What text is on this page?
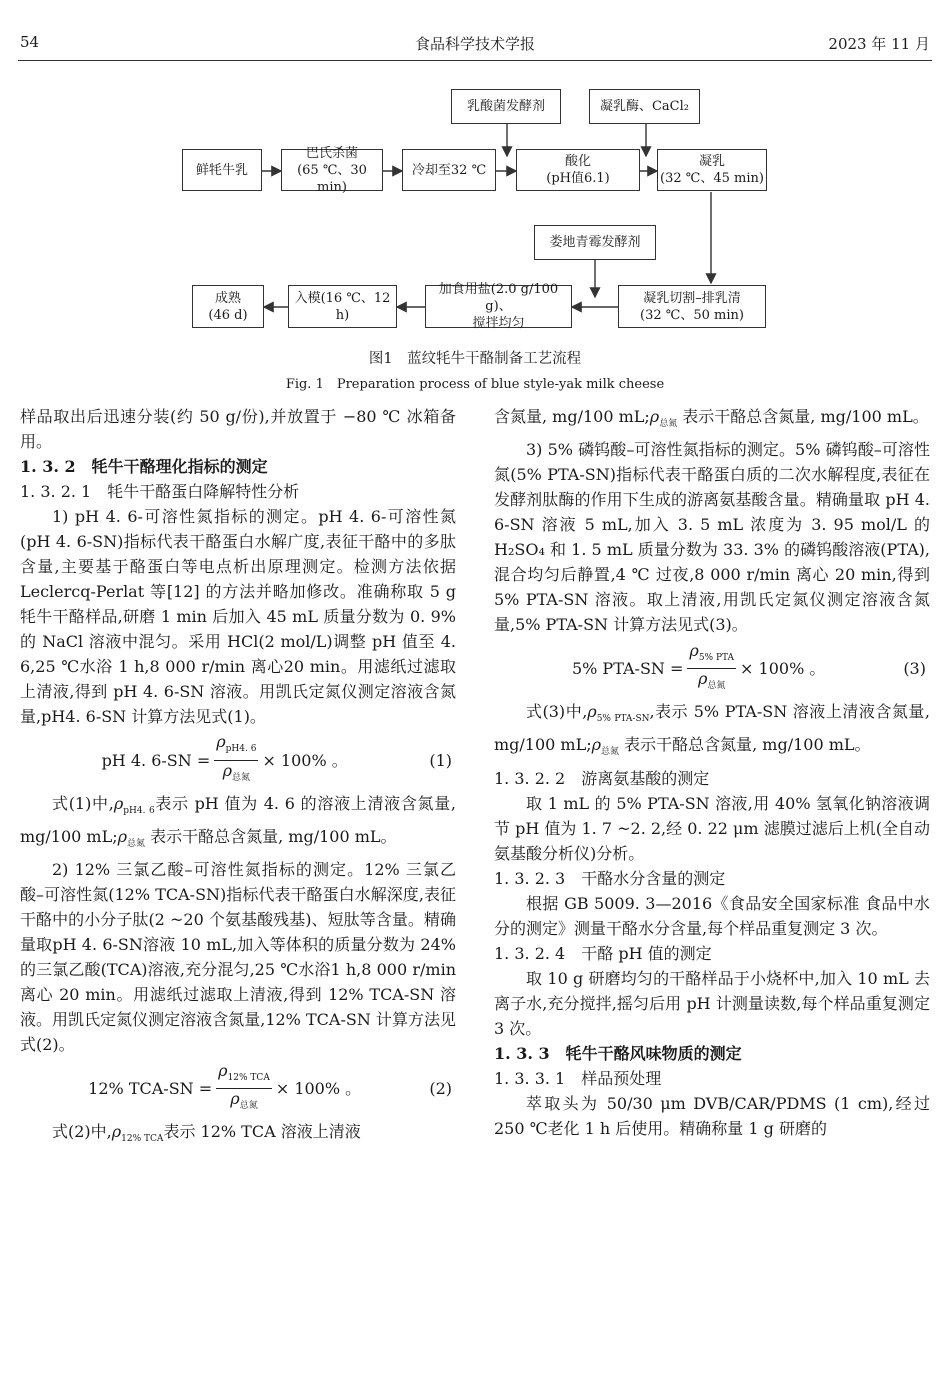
54	食品科学技术学报	2023 年 11 月
乳酸菌发酵剂	凝乳酶、CaCl₂
鲜牦牛乳
巴氏杀菌
(65 ℃、30 min)
冷却至32 ℃
酸化
(pH值6.1)
凝乳
(32 ℃、45 min)
娄地青霉发酵剂
成熟
(46 d)
入模(16 ℃、12 h)
加食用盐(2.0 g/100 g)、
搅拌均匀
凝乳切割–排乳清
(32 ℃、50 min)
图1　蓝纹牦牛干酪制备工艺流程
Fig. 1　Preparation process of blue style-yak milk cheese

样品取出后迅速分装(约 50 g/份),并放置于 −80 ℃ 冰箱备用。

1. 3. 2　牦牛干酪理化指标的测定

1. 3. 2. 1　牦牛干酪蛋白降解特性分析

1) pH 4. 6-可溶性氮指标的测定。pH 4. 6-可溶性氮(pH 4. 6-SN)指标代表干酪蛋白水解广度,表征干酪中的多肽含量,主要基于酪蛋白等电点析出原理测定。检测方法依据 Leclercq-Perlat 等[12] 的方法并略加修改。准确称取 5 g 牦牛干酪样品,研磨 1 min 后加入 45 mL 质量分数为 0. 9% 的 NaCl 溶液中混匀。采用 HCl(2 mol/L)调整 pH 值至 4. 6,25 ℃水浴 1 h,8 000 r/min 离心20 min。用滤纸过滤取上清液,得到 pH 4. 6-SN 溶液。用凯氏定氮仪测定溶液含氮量,pH4. 6-SN 计算方法见式(1)。

pH 4. $6-SN = \frac{\rho_{pH4. 6}}{\rho_{总氮}} \times 100\%$ 。	(1)

式(1)中$,\rho_{pH4. 6}$表示 pH 值为 4. 6 的溶液上清液含氮量, mg/100 $mL;\rho_{总氮}$ 表示干酪总含氮量, mg/100 mL。

2) 12% 三氯乙酸–可溶性氮指标的测定。12% 三氯乙酸–可溶性氮(12% TCA-SN)指标代表干酪蛋白水解深度,表征干酪中的小分子肽(2 ~20 个氨基酸残基)、短肽等含量。精确量取pH 4. 6-SN溶液 10 mL,加入等体积的质量分数为 24% 的三氯乙酸(TCA)溶液,充分混匀,25 ℃水浴1 h,8 000 r/min 离心 20 min。用滤纸过滤取上清液,得到 12% TCA-SN 溶液。用凯氏定氮仪测定溶液含氮量,12% TCA-SN 计算方法见式(2)。

12% $TCA-SN = \frac{\rho_{12\% TCA}}{\rho_{总氮}} \times 100\%$ 。	(2)

式(2)中$,\rho_{12\% TCA}$表示 12% TCA 溶液上清液

含氮量, mg/100 $mL;\rho_{总氮}$ 表示干酪总含氮量, mg/100 mL。

3) 5% 磷钨酸–可溶性氮指标的测定。5% 磷钨酸–可溶性氮(5% PTA-SN)指标代表干酪蛋白质的二次水解程度,表征在发酵剂肽酶的作用下生成的游离氨基酸含量。精确量取 pH 4. 6-SN 溶液 5 mL,加入 3. 5 mL 浓度为 3. 95 mol/L 的 H₂SO₄ 和 1. 5 mL 质量分数为 33. 3% 的磷钨酸溶液(PTA),混合均匀后静置,4 ℃ 过夜,8 000 r/min 离心 20 min,得到 5% PTA-SN 溶液。取上清液,用凯氏定氮仪测定溶液含氮量,5% PTA-SN 计算方法见式(3)。

5% $PTA-SN = \frac{\rho_{5\% PTA}}{\rho_{总氮}} \times 100\%$ 。	(3)

式(3)中$,\rho_{5\% PTA-SN}$,表示 5% PTA-SN 溶液上清液含氮量, mg/100 $mL;\rho_{总氮}$ 表示干酪总含氮量, mg/100 mL。

1. 3. 2. 2　游离氨基酸的测定

取 1 mL 的 5% PTA-SN 溶液,用 40% 氢氧化钠溶液调节 pH 值为 1. 7 ~2. 2,经 0. 22 μm 滤膜过滤后上机(全自动氨基酸分析仪)分析。

1. 3. 2. 3　干酪水分含量的测定

根据 GB 5009. 3—2016《食品安全国家标准 食品中水分的测定》测量干酪水分含量,每个样品重复测定 3 次。

1. 3. 2. 4　干酪 pH 值的测定

取 10 g 研磨均匀的干酪样品于小烧杯中,加入 10 mL 去离子水,充分搅拌,摇匀后用 pH 计测量读数,每个样品重复测定 3 次。

1. 3. 3　牦牛干酪风味物质的测定

1. 3. 3. 1　样品预处理

萃取头为 50/30 μm DVB/CAR/PDMS (1 cm),经过 250 ℃老化 1 h 后使用。精确称量 1 g 研磨的
